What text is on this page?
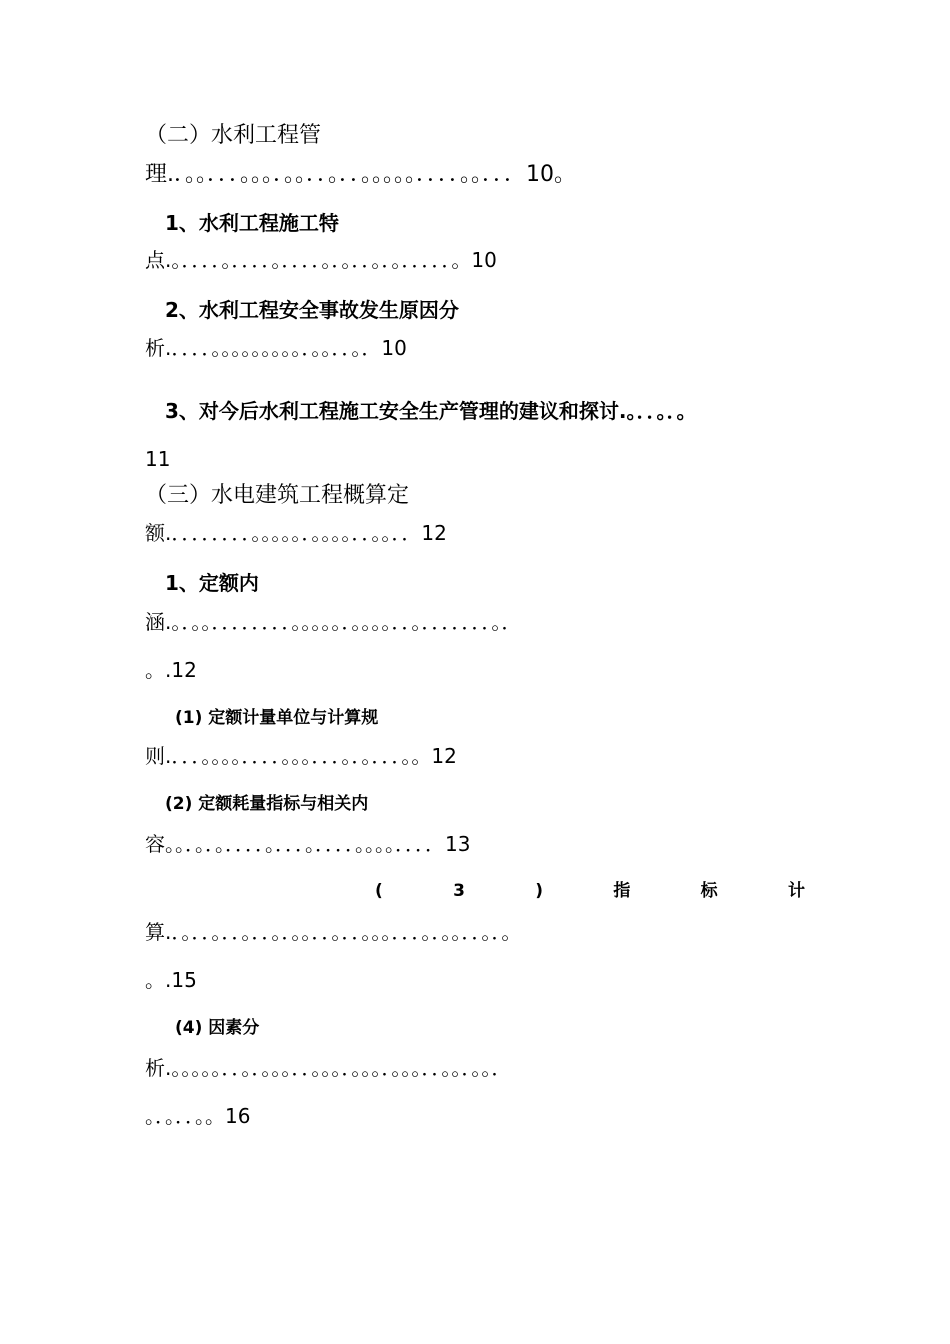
（二）水利工程管
理.．。。．．．。。。．。。．．。．．。。。。。．．．．。。．．．10。
1、水利工程施工特
点.。．．．．。．．．．。．．．．。．。．．。．。．．．．．。10
2、水利工程安全事故发生原因分
析.．．．．。。。。。。。。。．。。．．。．10
3、对今后水利工程施工安全生产管理的建议和探讨.。．．。．。
11
（三）水电建筑工程概算定
额.．．．．．．．．。。。。。．。。。。．．。。．．12
1、定额内
涵.。．。。．．．．．．．．。。。。。．。。。。．．。．．．．．．．。．
。.12
(1) 定额计量单位与计算规
则.．．．。。。。．．．．。。。．．．。．。．．．。。12
(2) 定额耗量指标与相关内
容。。．。．。．．．．。．．．。．．．．。。。。．．．．13
(	3	)	指	标	计
算.．。．．。．．。．．。．。。．．。．．。。。．．．。．。。．．。．。
。.15
(4) 因素分
析.。。。。。．．。．。。。．．。。。．。。。．。。。．．。。．。。．
。．。．．。。16
